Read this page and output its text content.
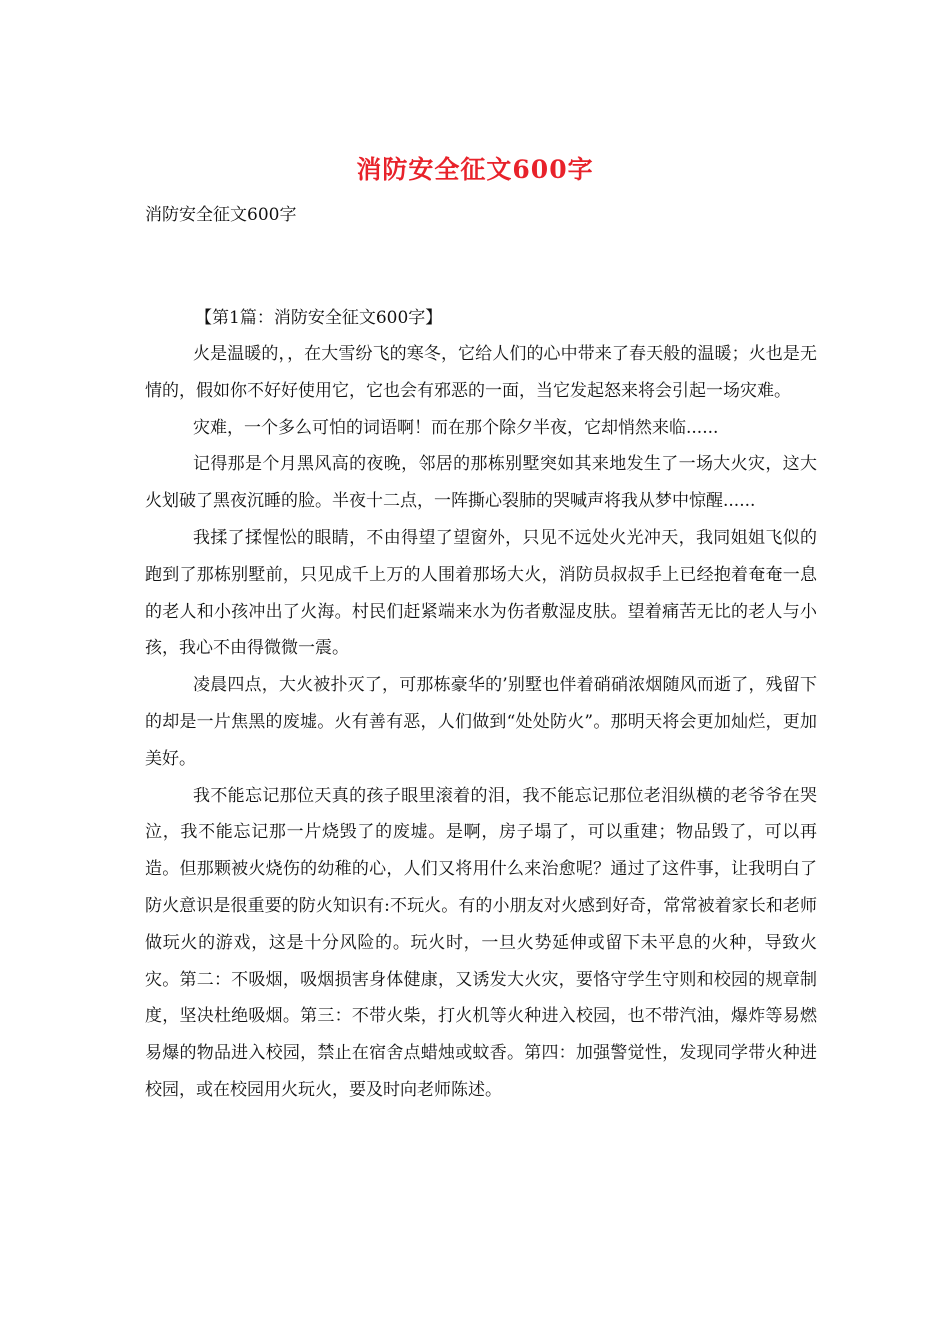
消防安全征文600字

消防安全征文600字

【第1篇：消防安全征文600字】

火是温暖的，，在大雪纷飞的寒冬，它给人们的心中带来了春天般的温暖；火也是无情的，假如你不好好使用它，它也会有邪恶的一面，当它发起怒来将会引起一场灾难。

灾难，一个多么可怕的词语啊！而在那个除夕半夜，它却悄然来临......

记得那是个月黑风高的夜晚，邻居的那栋别墅突如其来地发生了一场大火灾，这大火划破了黑夜沉睡的脸。半夜十二点，一阵撕心裂肺的哭喊声将我从梦中惊醒......

我揉了揉惺忪的眼睛，不由得望了望窗外，只见不远处火光冲天，我同姐姐飞似的跑到了那栋别墅前，只见成千上万的人围着那场大火，消防员叔叔手上已经抱着奄奄一息的老人和小孩冲出了火海。村民们赶紧端来水为伤者敷湿皮肤。望着痛苦无比的老人与小孩，我心不由得微微一震。

凌晨四点，大火被扑灭了，可那栋豪华的’别墅也伴着硝硝浓烟随风而逝了，残留下的却是一片焦黑的废墟。火有善有恶，人们做到“处处防火”。那明天将会更加灿烂，更加美好。

我不能忘记那位天真的孩子眼里滚着的泪，我不能忘记那位老泪纵横的老爷爷在哭泣，我不能忘记那一片烧毁了的废墟。是啊，房子塌了，可以重建；物品毁了，可以再造。但那颗被火烧伤的幼稚的心，人们又将用什么来治愈呢？通过了这件事，让我明白了防火意识是很重要的防火知识有:不玩火。有的小朋友对火感到好奇，常常被着家长和老师做玩火的游戏，这是十分风险的。玩火时，一旦火势延伸或留下未平息的火种，导致火灾。第二：不吸烟，吸烟损害身体健康，又诱发大火灾，要恪守学生守则和校园的规章制度，坚决杜绝吸烟。第三：不带火柴，打火机等火种进入校园，也不带汽油，爆炸等易燃易爆的物品进入校园，禁止在宿舍点蜡烛或蚊香。第四：加强警觉性，发现同学带火种进校园，或在校园用火玩火，要及时向老师陈述。
